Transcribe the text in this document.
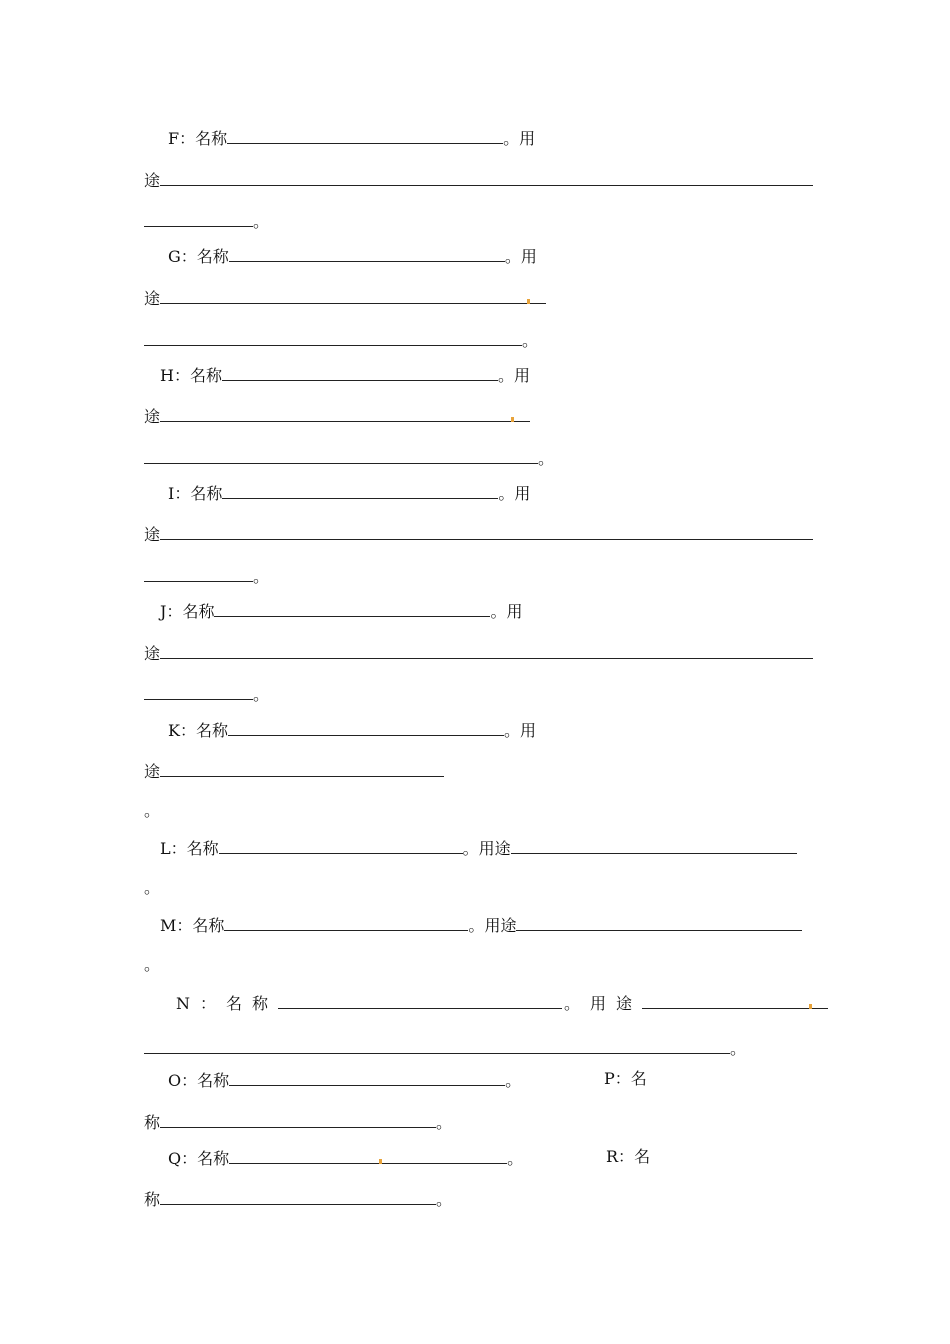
F：名称	。用
途
。
G：名称	。用
途
。
H：名称	。用
途
。
I：名称	。用
途
。
J：名称	。用
途
。
K：名称	。用
途
。
L：名称	。用途
。
M：名称	。用途
。
N：名称	。用途
。
O：名称	。	P：名
称	。
Q：名称	。	R：名
称	。
